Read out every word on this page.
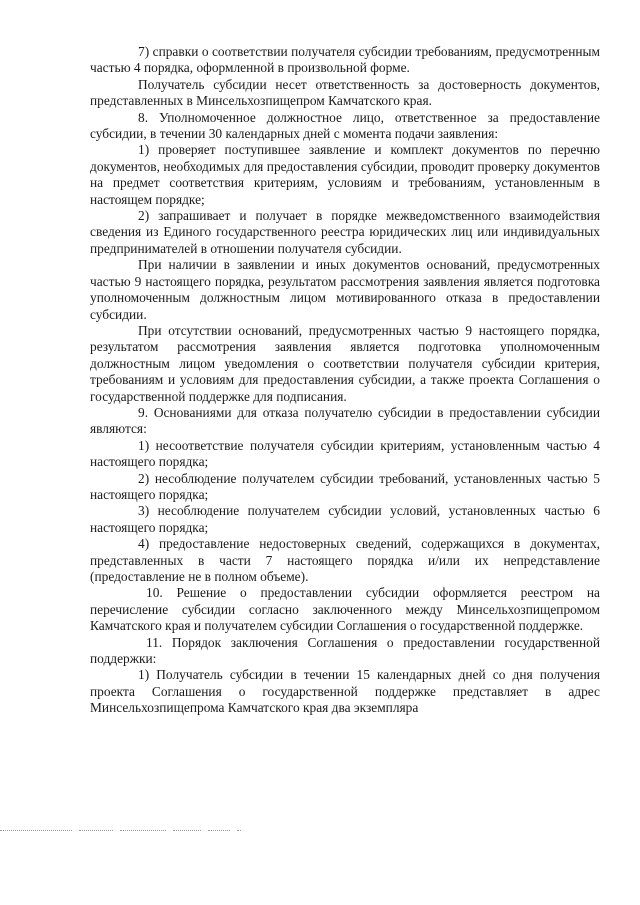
7) справки о соответствии получателя субсидии требованиям, предусмотренным частью 4 порядка, оформленной в произвольной форме.

Получатель субсидии несет ответственность за достоверность документов, представленных в Минсельхозпищепром Камчатского края.

8. Уполномоченное должностное лицо, ответственное за предоставление субсидии, в течении 30 календарных дней с момента подачи заявления:

1) проверяет поступившее заявление и комплект документов по перечню документов, необходимых для предоставления субсидии, проводит проверку документов на предмет соответствия критериям, условиям и требованиям, установленным в настоящем порядке;

2) запрашивает и получает в порядке межведомственного взаимодействия сведения из Единого государственного реестра юридических лиц или индивидуальных предпринимателей в отношении получателя субсидии.

При наличии в заявлении и иных документов оснований, предусмотренных частью 9 настоящего порядка, результатом рассмотрения заявления является подготовка уполномоченным должностным лицом мотивированного отказа в предоставлении субсидии.

При отсутствии оснований, предусмотренных частью 9 настоящего порядка, результатом рассмотрения заявления является подготовка уполномоченным должностным лицом уведомления о соответствии получателя субсидии критерия, требованиям и условиям для предоставления субсидии, а также проекта Соглашения о государственной поддержке для подписания.

9. Основаниями для отказа получателю субсидии в предоставлении субсидии являются:

1) несоответствие получателя субсидии критериям, установленным частью 4 настоящего порядка;

2) несоблюдение получателем субсидии требований, установленных частью 5 настоящего порядка;

3) несоблюдение получателем субсидии условий, установленных частью 6 настоящего порядка;

4) предоставление недостоверных сведений, содержащихся в документах, представленных в части 7 настоящего порядка и/или их непредставление (предоставление не в полном объеме).

10. Решение о предоставлении субсидии оформляется реестром на перечисление субсидии согласно заключенного между Минсельхозпищепромом Камчатского края и получателем субсидии Соглашения о государственной поддержке.

11. Порядок заключения Соглашения о предоставлении государственной поддержки:

1) Получатель субсидии в течении 15 календарных дней со дня получения проекта Соглашения о государственной поддержке представляет в адрес Минсельхозпищепрома Камчатского края два экземпляра
